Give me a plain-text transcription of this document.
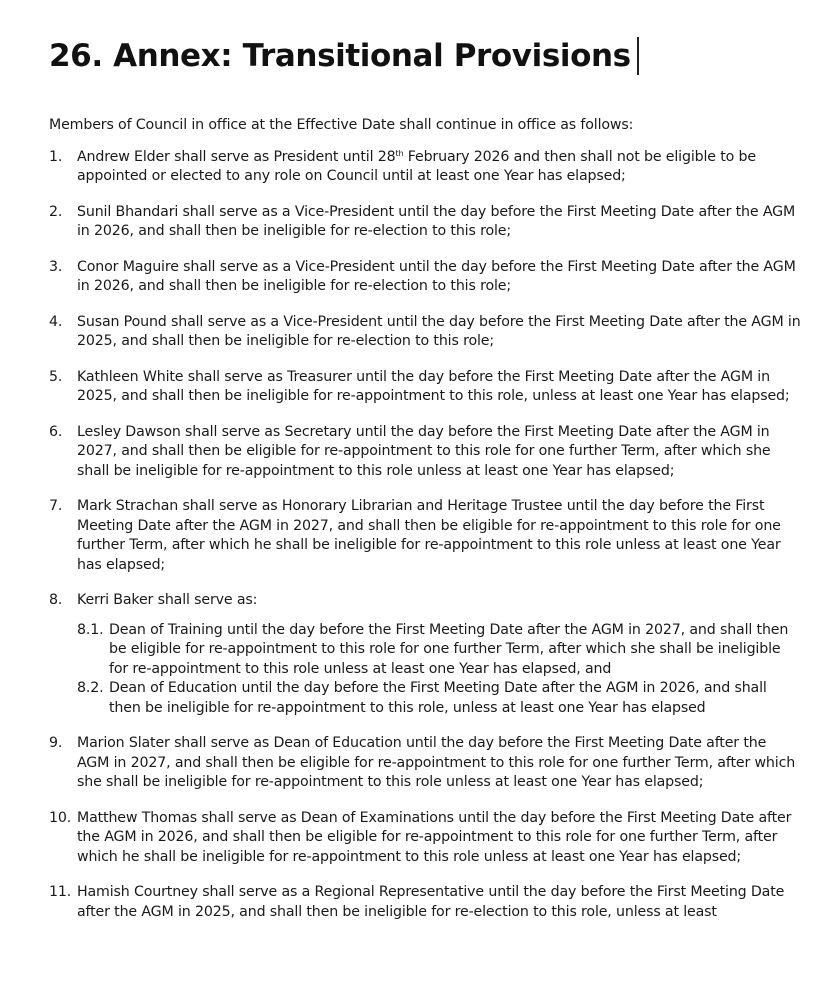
26. Annex: Transitional Provisions

Members of Council in office at the Effective Date shall continue in office as follows:

1.	Andrew Elder shall serve as President until 28th February 2026 and then shall not be eligible to be appointed or elected to any role on Council until at least one Year has elapsed;
2.	Sunil Bhandari shall serve as a Vice-President until the day before the First Meeting Date after the AGM in 2026, and shall then be ineligible for re-election to this role;
3.	Conor Maguire shall serve as a Vice-President until the day before the First Meeting Date after the AGM in 2026, and shall then be ineligible for re-election to this role;
4.	Susan Pound shall serve as a Vice-President until the day before the First Meeting Date after the AGM in 2025, and shall then be ineligible for re-election to this role;
5.	Kathleen White shall serve as Treasurer until the day before the First Meeting Date after the AGM in 2025, and shall then be ineligible for re-appointment to this role, unless at least one Year has elapsed;
6.	Lesley Dawson shall serve as Secretary until the day before the First Meeting Date after the AGM in 2027, and shall then be eligible for re-appointment to this role for one further Term, after which she shall be ineligible for re-appointment to this role unless at least one Year has elapsed;
7.	Mark Strachan shall serve as Honorary Librarian and Heritage Trustee until the day before the First Meeting Date after the AGM in 2027, and shall then be eligible for re-appointment to this role for one further Term, after which he shall be ineligible for re-appointment to this role unless at least one Year has elapsed;
8.	Kerri Baker shall serve as:
8.1. Dean of Training until the day before the First Meeting Date after the AGM in 2027, and shall then be eligible for re-appointment to this role for one further Term, after which she shall be ineligible for re-appointment to this role unless at least one Year has elapsed, and
8.2. Dean of Education until the day before the First Meeting Date after the AGM in 2026, and shall then be ineligible for re-appointment to this role, unless at least one Year has elapsed
9.	Marion Slater shall serve as Dean of Education until the day before the First Meeting Date after the AGM in 2027, and shall then be eligible for re-appointment to this role for one further Term, after which she shall be ineligible for re-appointment to this role unless at least one Year has elapsed;
10. Matthew Thomas shall serve as Dean of Examinations until the day before the First Meeting Date after the AGM in 2026, and shall then be eligible for re-appointment to this role for one further Term, after which he shall be ineligible for re-appointment to this role unless at least one Year has elapsed;
11. Hamish Courtney shall serve as a Regional Representative until the day before the First Meeting Date after the AGM in 2025, and shall then be ineligible for re-election to this role, unless at least
